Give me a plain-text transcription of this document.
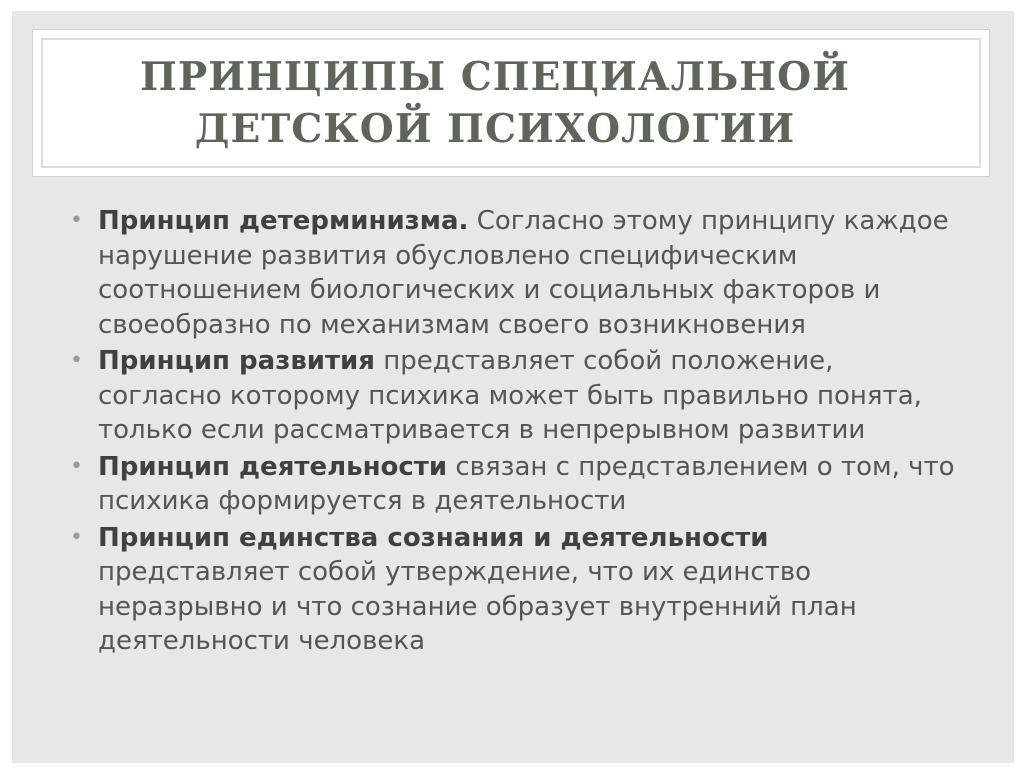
ПРИНЦИПЫ СПЕЦИАЛЬНОЙ
ДЕТСКОЙ ПСИХОЛОГИИ
• Принцип детерминизма. Согласно этому принципу каждое нарушение развития обусловлено специфическим соотношением биологических и социальных факторов и своеобразно по механизмам своего возникновения
• Принцип развития представляет собой положение, согласно которому психика может быть правильно понята, только если рассматривается в непрерывном развитии
• Принцип деятельности связан с представлением о том, что психика формируется в деятельности
• Принцип единства сознания и деятельности представляет собой утверждение, что их единство неразрывно и что сознание образует внутренний план деятельности человека
